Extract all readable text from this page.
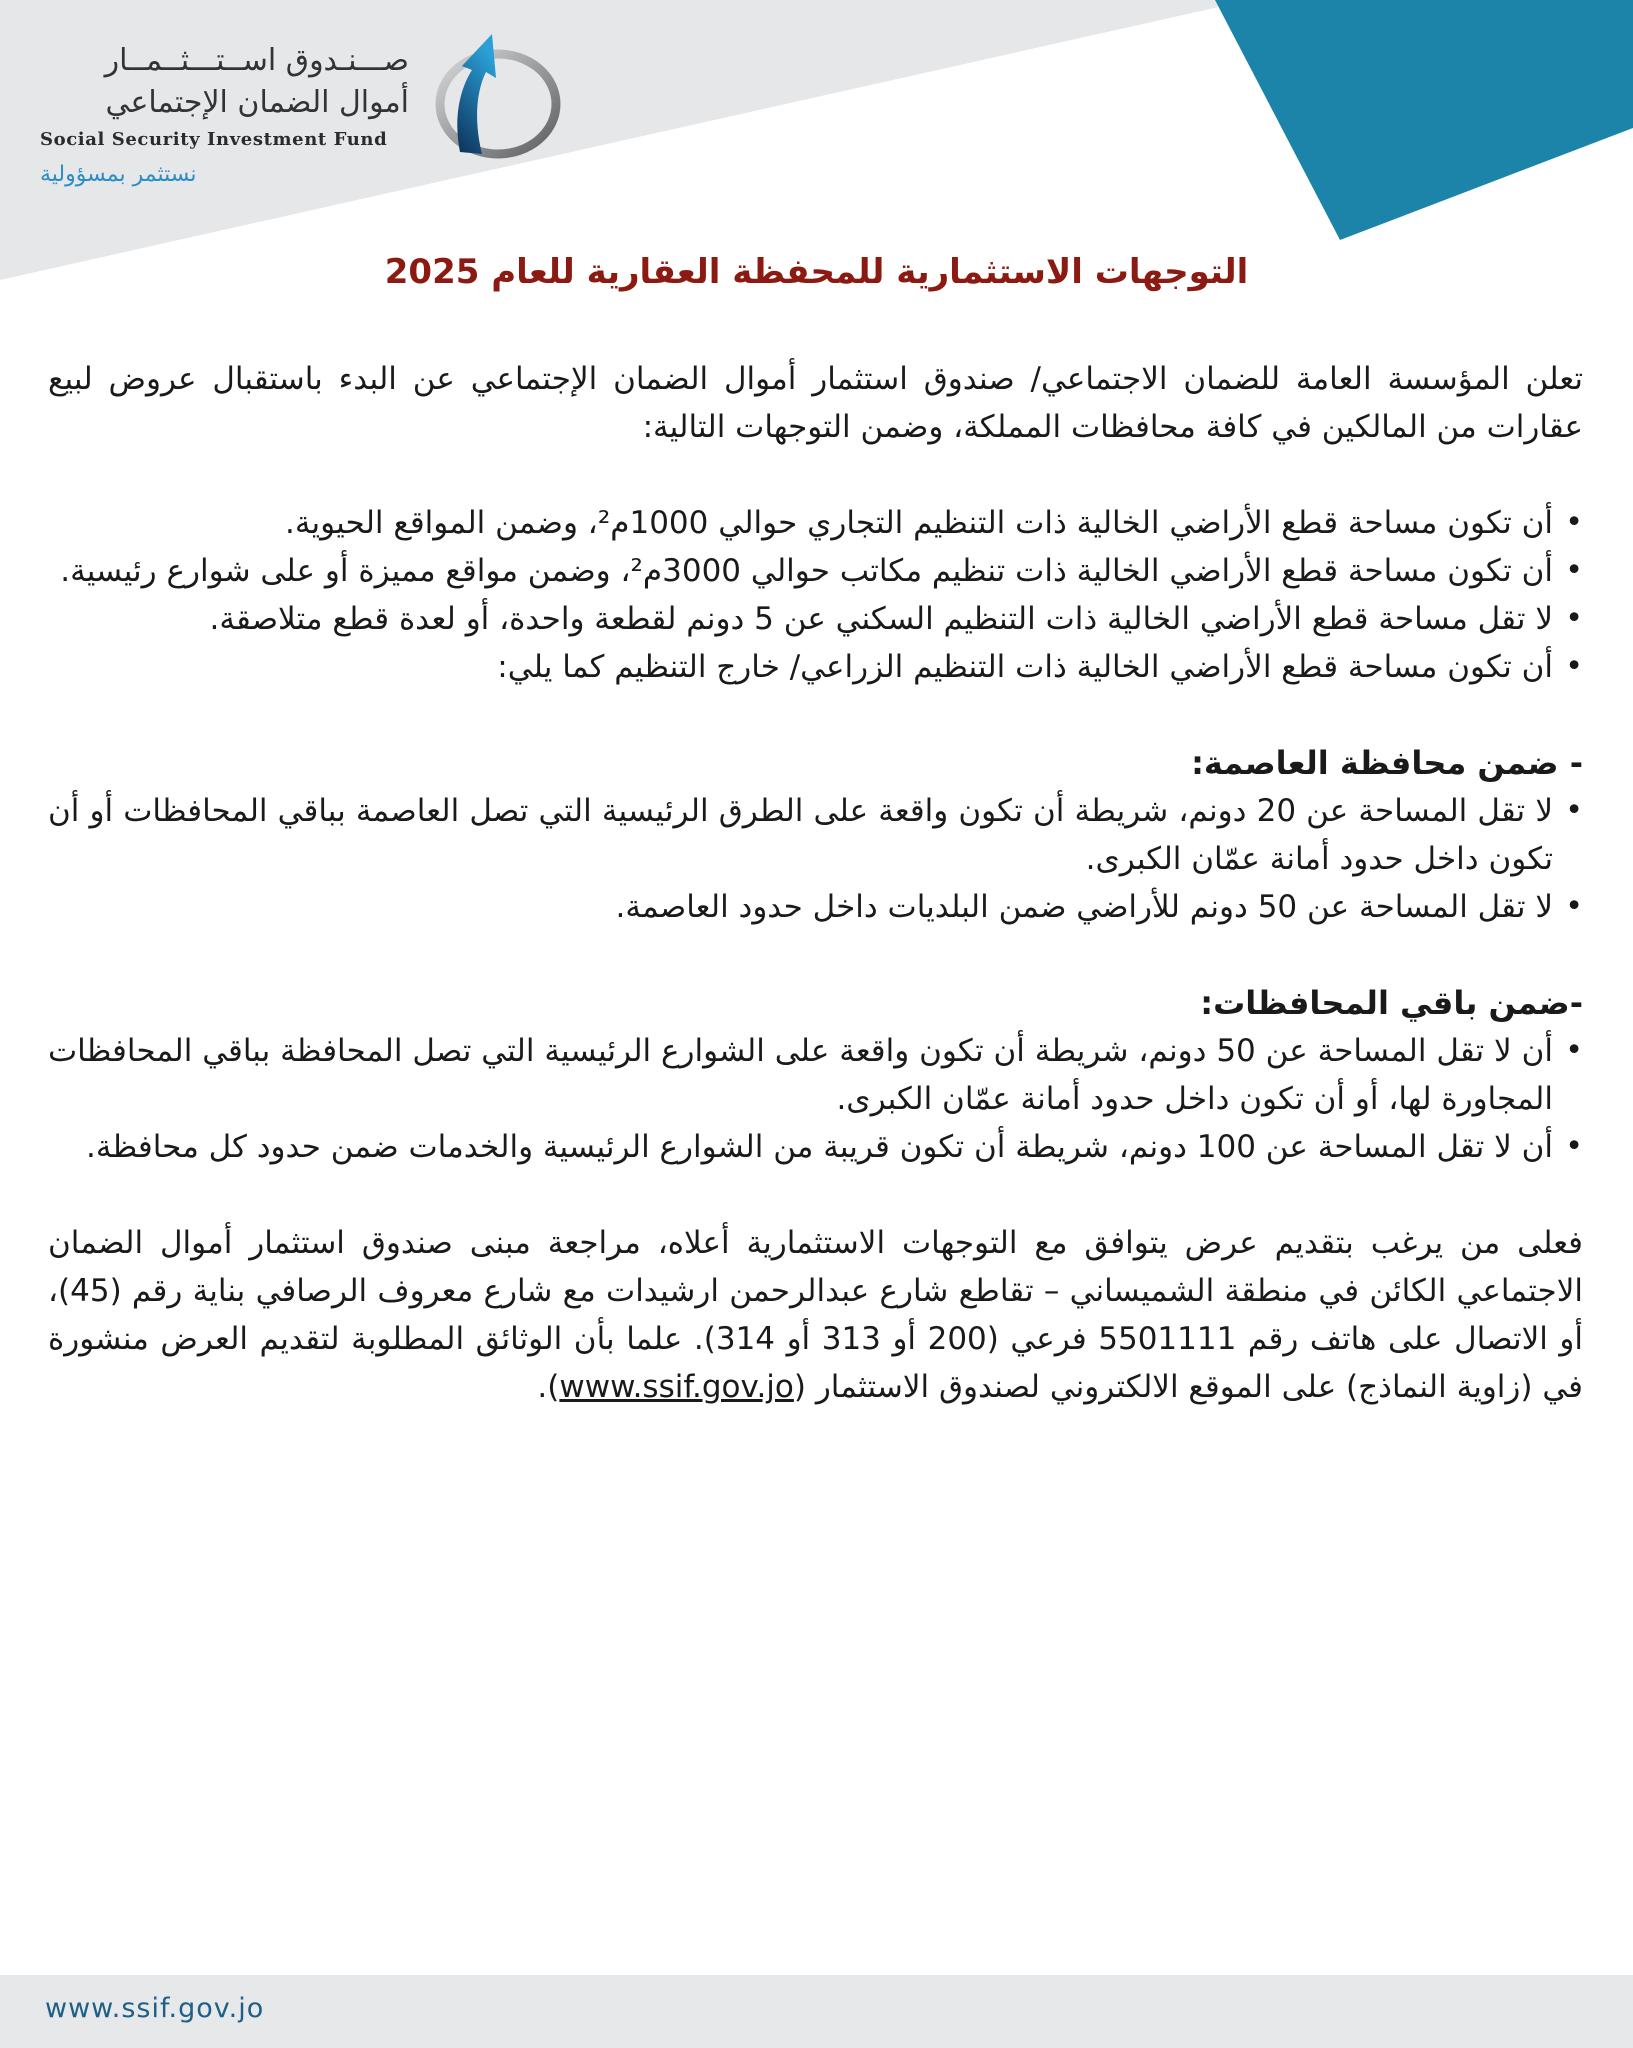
صـــنـدوق اســتـــثــمــار
أموال الضمان الإجتماعي
Social Security Investment Fund
نستثمر بمسؤولية
التوجهات الاستثمارية للمحفظة العقارية للعام 2025

تعلن المؤسسة العامة للضمان الاجتماعي/ صندوق استثمار أموال الضمان الإجتماعي عن البدء باستقبال عروض لبيع عقارات من المالكين في كافة محافظات المملكة، وضمن التوجهات التالية:

• أن تكون مساحة قطع الأراضي الخالية ذات التنظيم التجاري حوالي 1000م²، وضمن المواقع الحيوية.
• أن تكون مساحة قطع الأراضي الخالية ذات تنظيم مكاتب حوالي 3000م²، وضمن مواقع مميزة أو على شوارع رئيسية.
• لا تقل مساحة قطع الأراضي الخالية ذات التنظيم السكني عن 5 دونم لقطعة واحدة، أو لعدة قطع متلاصقة.
• أن تكون مساحة قطع الأراضي الخالية ذات التنظيم الزراعي/ خارج التنظيم كما يلي:
- ضمن محافظة العاصمة:
• لا تقل المساحة عن 20 دونم، شريطة أن تكون واقعة على الطرق الرئيسية التي تصل العاصمة بباقي المحافظات أو أن تكون داخل حدود أمانة عمّان الكبرى.
• لا تقل المساحة عن 50 دونم للأراضي ضمن البلديات داخل حدود العاصمة.
-ضمن باقي المحافظات:
• أن لا تقل المساحة عن 50 دونم، شريطة أن تكون واقعة على الشوارع الرئيسية التي تصل المحافظة بباقي المحافظات المجاورة لها، أو أن تكون داخل حدود أمانة عمّان الكبرى.
• أن لا تقل المساحة عن 100 دونم، شريطة أن تكون قريبة من الشوارع الرئيسية والخدمات ضمن حدود كل محافظة.

فعلى من يرغب بتقديم عرض يتوافق مع التوجهات الاستثمارية أعلاه، مراجعة مبنى صندوق استثمار أموال الضمان الاجتماعي الكائن في منطقة الشميساني – تقاطع شارع عبدالرحمن ارشيدات مع شارع معروف الرصافي بناية رقم (45)، أو الاتصال على هاتف رقم 5501111 فرعي (200 أو 313 أو 314). علما بأن الوثائق المطلوبة لتقديم العرض منشورة في (زاوية النماذج) على الموقع الالكتروني لصندوق الاستثمار (www.ssif.gov.jo).

www.ssif.gov.jo
